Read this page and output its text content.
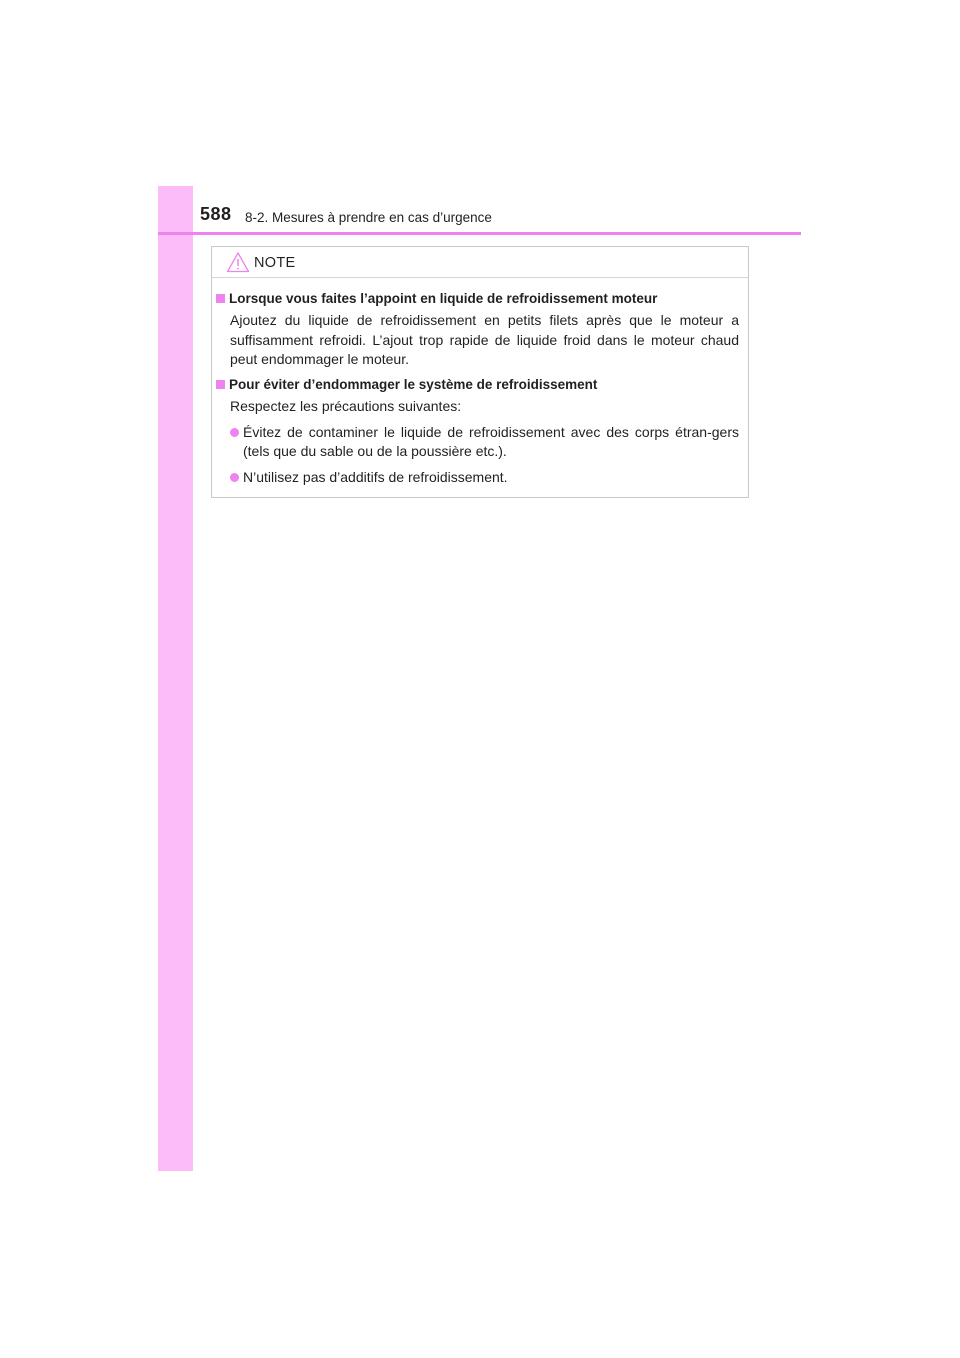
588 8-2. Mesures à prendre en cas d’urgence
NOTE
Lorsque vous faites l’appoint en liquide de refroidissement moteur
Ajoutez du liquide de refroidissement en petits filets après que le moteur a suffisamment refroidi. L’ajout trop rapide de liquide froid dans le moteur chaud peut endommager le moteur.
Pour éviter d’endommager le système de refroidissement
Respectez les précautions suivantes:
Évitez de contaminer le liquide de refroidissement avec des corps étran-gers (tels que du sable ou de la poussière etc.).
N’utilisez pas d’additifs de refroidissement.
